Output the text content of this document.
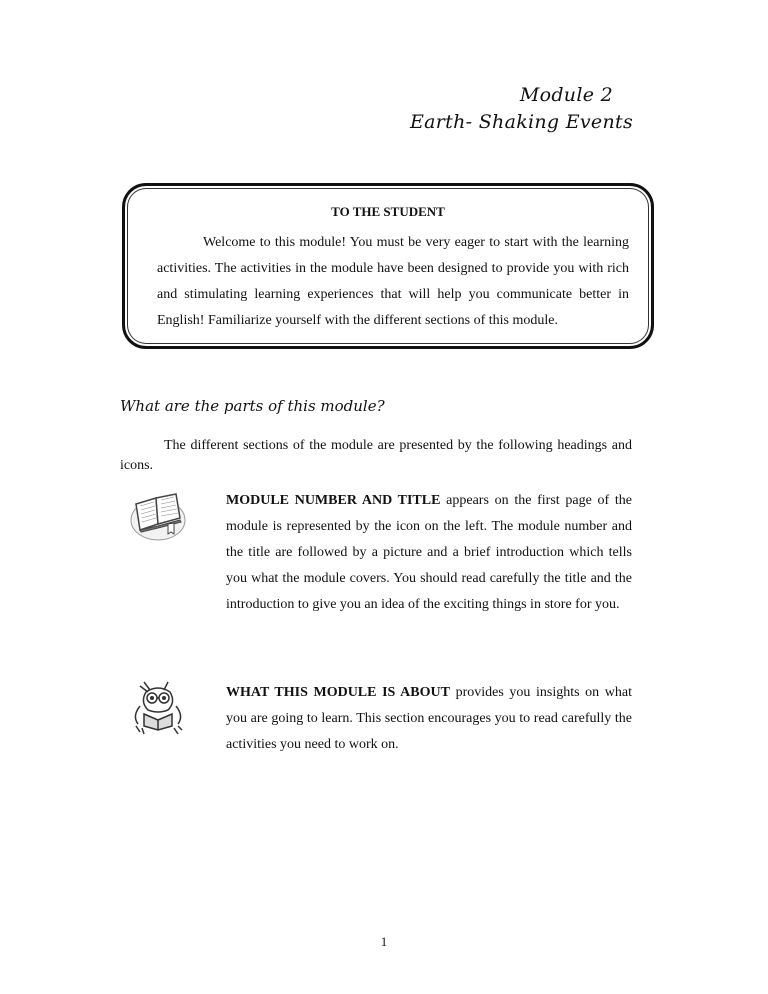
Module 2
Earth- Shaking Events
TO THE STUDENT
Welcome to this module! You must be very eager to start with the learning activities. The activities in the module have been designed to provide you with rich and stimulating learning experiences that will help you communicate better in English! Familiarize yourself with the different sections of this module.
What are the parts of this module?
The different sections of the module are presented by the following headings and icons.
MODULE NUMBER AND TITLE appears on the first page of the module is represented by the icon on the left. The module number and the title are followed by a picture and a brief introduction which tells you what the module covers. You should read carefully the title and the introduction to give you an idea of the exciting things in store for you.
WHAT THIS MODULE IS ABOUT provides you insights on what you are going to learn. This section encourages you to read carefully the activities you need to work on.
1
